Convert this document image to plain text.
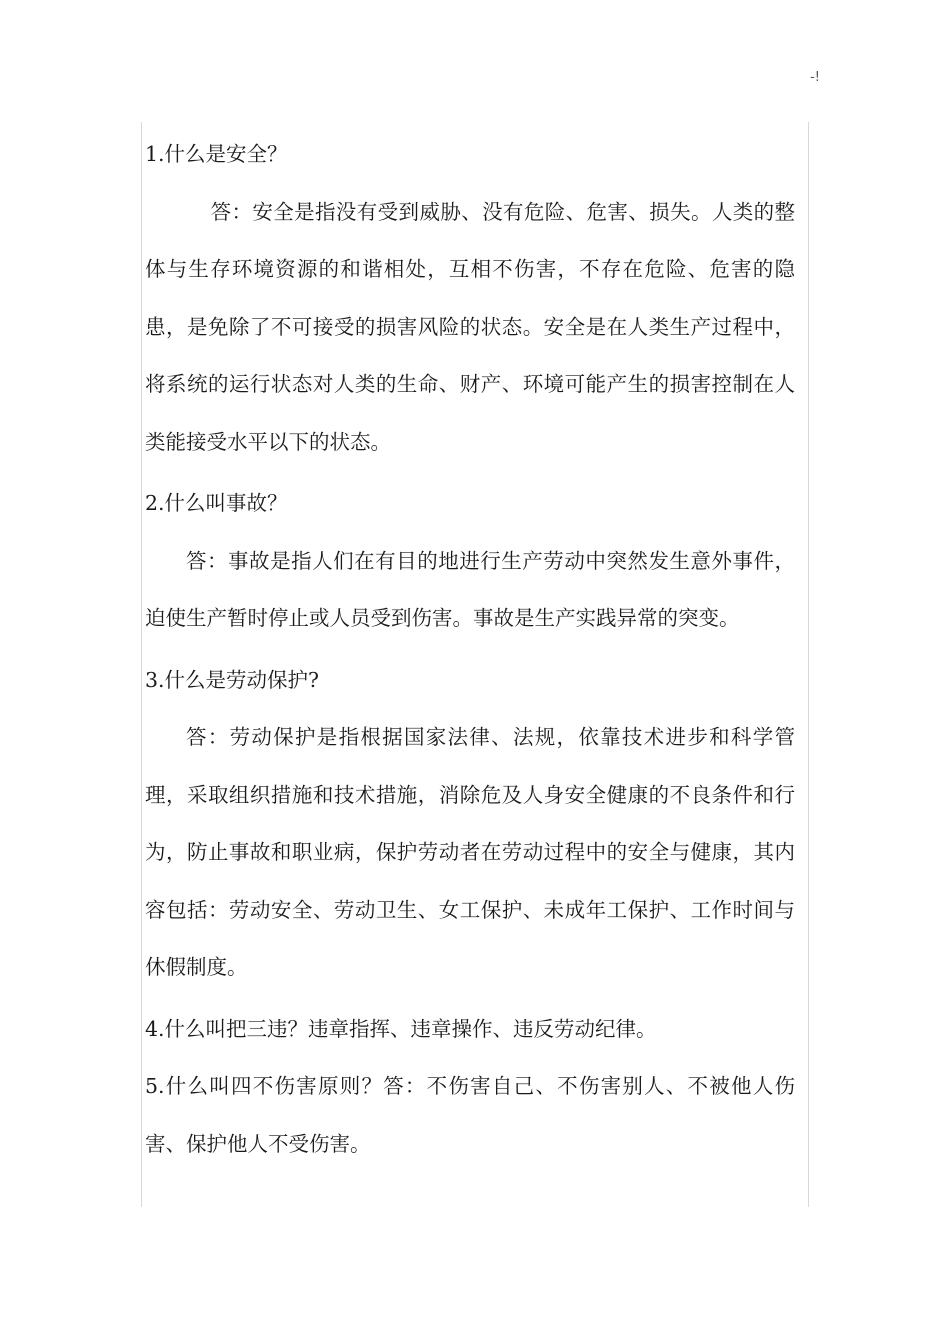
-!
1.什么是安全？

答：安全是指没有受到威胁、没有危险、危害、损失。人类的整体与生存环境资源的和谐相处，互相不伤害，不存在危险、危害的隐患，是免除了不可接受的损害风险的状态。安全是在人类生产过程中，将系统的运行状态对人类的生命、财产、环境可能产生的损害控制在人类能接受水平以下的状态。

2.什么叫事故？

答：事故是指人们在有目的地进行生产劳动中突然发生意外事件，迫使生产暂时停止或人员受到伤害。事故是生产实践异常的突变。

3.什么是劳动保护?

答：劳动保护是指根据国家法律、法规，依靠技术进步和科学管理，采取组织措施和技术措施，消除危及人身安全健康的不良条件和行为，防止事故和职业病，保护劳动者在劳动过程中的安全与健康，其内容包括：劳动安全、劳动卫生、女工保护、未成年工保护、工作时间与休假制度。

4.什么叫把三违？违章指挥、违章操作、违反劳动纪律。

5.什么叫四不伤害原则？答：不伤害自己、不伤害别人、不被他人伤害、保护他人不受伤害。
